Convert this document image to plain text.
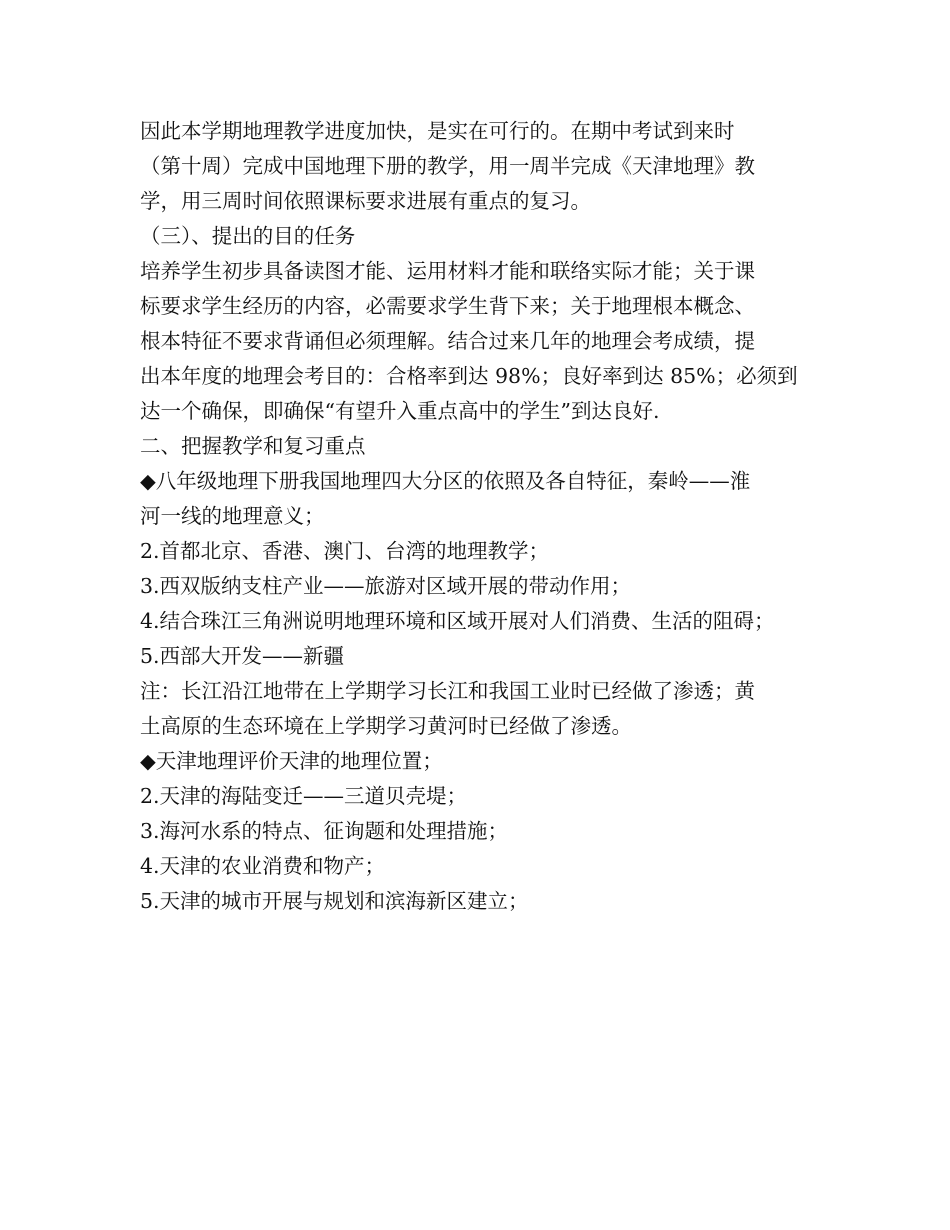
因此本学期地理教学进度加快，是实在可行的。在期中考试到来时
（第十周）完成中国地理下册的教学，用一周半完成《天津地理》教
学，用三周时间依照课标要求进展有重点的复习。

（三）、提出的目的任务

培养学生初步具备读图才能、运用材料才能和联络实际才能；关于课
标要求学生经历的内容，必需要求学生背下来；关于地理根本概念、
根本特征不要求背诵但必须理解。结合过来几年的地理会考成绩，提
出本年度的地理会考目的：合格率到达 98%；良好率到达 85%；必须到
达一个确保，即确保“有望升入重点高中的学生”到达良好.

二、把握教学和复习重点

◆八年级地理下册我国地理四大分区的依照及各自特征，秦岭——淮
河一线的地理意义；

2.首都北京、香港、澳门、台湾的地理教学；

3.西双版纳支柱产业——旅游对区域开展的带动作用；

4.结合珠江三角洲说明地理环境和区域开展对人们消费、生活的阻碍；

5.西部大开发——新疆

注：长江沿江地带在上学期学习长江和我国工业时已经做了渗透；黄
土高原的生态环境在上学期学习黄河时已经做了渗透。

◆天津地理评价天津的地理位置；

2.天津的海陆变迁——三道贝壳堤；

3.海河水系的特点、征询题和处理措施；

4.天津的农业消费和物产；

5.天津的城市开展与规划和滨海新区建立；
